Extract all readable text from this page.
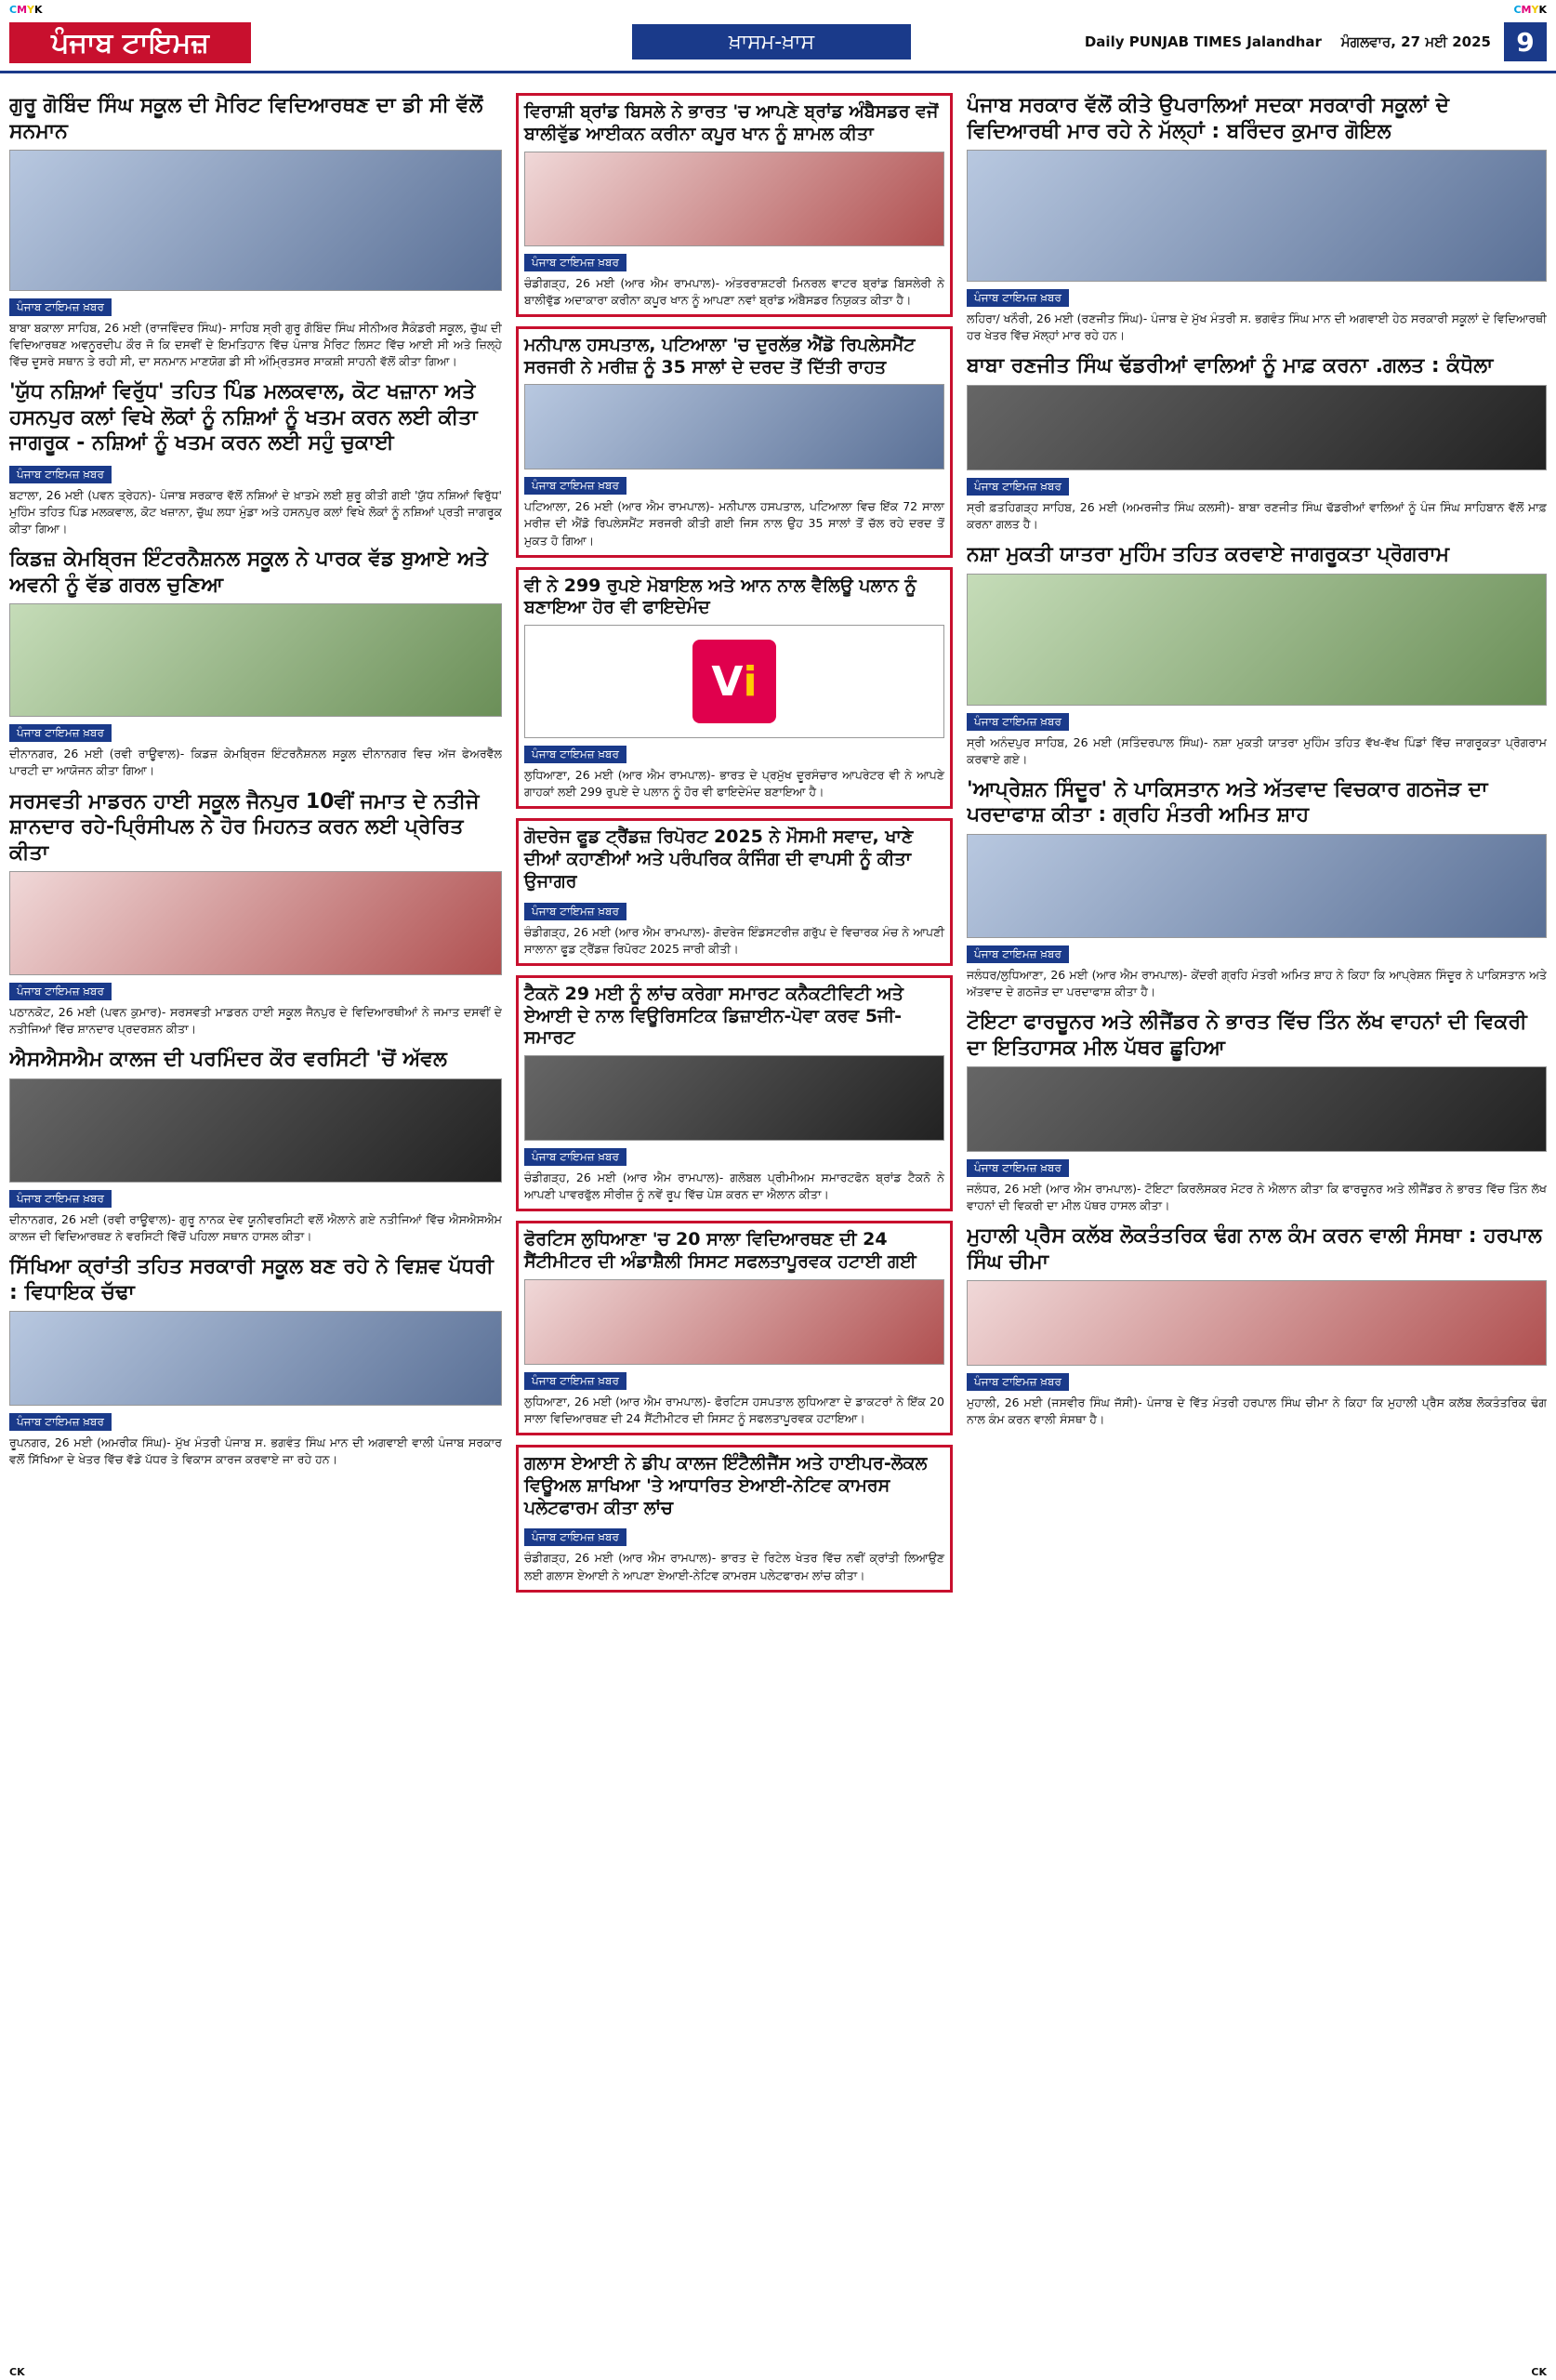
CMYK	CMYK
ਪੰਜਾਬ ਟਾਇਮਜ਼	ਖ਼ਾਸਮ-ਖ਼ਾਸ	Daily PUNJAB TIMES Jalandhar ਮੰਗਲਵਾਰ, 27 ਮਈ 2025 9
ਗੁਰੂ ਗੋਬਿੰਦ ਸਿੰਘ ਸਕੂਲ ਦੀ ਮੈਰਿਟ ਵਿਦਿਆਰਥਣ ਦਾ ਡੀ ਸੀ ਵੱਲੋਂ ਸਨਮਾਨ
ਪੰਜਾਬ ਟਾਇਮਜ਼ ਖ਼ਬਰ
ਬਾਬਾ ਬਕਾਲਾ ਸਾਹਿਬ, 26 ਮਈ (ਰਾਜਵਿੰਦਰ ਸਿੰਘ)- ਸਾਹਿਬ ਸ੍ਰੀ ਗੁਰੂ ਗੋਬਿੰਦ ਸਿੰਘ ਸੀਨੀਅਰ ਸੈਕੰਡਰੀ ਸਕੂਲ, ਚੁੱਘ ਦੀ ਵਿਦਿਆਰਥਣ ਅਵਨੂਰਦੀਪ ਕੌਰ ਜੋ ਕਿ ਦਸਵੀਂ ਦੇ ਇਮਤਿਹਾਨ ਵਿੱਚ ਪੰਜਾਬ ਮੈਰਿਟ ਲਿਸਟ ਵਿੱਚ ਆਈ ਸੀ ਅਤੇ ਜ਼ਿਲ੍ਹੇ ਵਿੱਚ ਦੂਸਰੇ ਸਥਾਨ ਤੇ ਰਹੀ ਸੀ, ਦਾ ਸਨਮਾਨ ਮਾਣਯੋਗ ਡੀ ਸੀ ਅੰਮ੍ਰਿਤਸਰ ਸਾਕਸ਼ੀ ਸਾਹਨੀ ਵੱਲੋਂ ਕੀਤਾ ਗਿਆ।
'ਯੁੱਧ ਨਸ਼ਿਆਂ ਵਿਰੁੱਧ' ਤਹਿਤ ਪਿੰਡ ਮਲਕਵਾਲ, ਕੋਟ ਖਜ਼ਾਨਾ ਅਤੇ ਹਸਨਪੁਰ ਕਲਾਂ ਵਿਖੇ ਲੋਕਾਂ ਨੂੰ ਨਸ਼ਿਆਂ ਨੂੰ ਖਤਮ ਕਰਨ ਲਈ ਕੀਤਾ ਜਾਗਰੂਕ - ਨਸ਼ਿਆਂ ਨੂੰ ਖਤਮ ਕਰਨ ਲਈ ਸਹੁੰ ਚੁਕਾਈ
ਪੰਜਾਬ ਟਾਇਮਜ਼ ਖ਼ਬਰ
ਬਟਾਲਾ, 26 ਮਈ (ਪਵਨ ਤ੍ਰੇਹਨ)- ਪੰਜਾਬ ਸਰਕਾਰ ਵੱਲੋਂ ਨਸ਼ਿਆਂ ਦੇ ਖ਼ਾਤਮੇ ਲਈ ਸ਼ੁਰੂ ਕੀਤੀ ਗਈ 'ਯੁੱਧ ਨਸ਼ਿਆਂ ਵਿਰੁੱਧ' ਮੁਹਿੰਮ ਤਹਿਤ ਪਿੰਡ ਮਲਕਵਾਲ, ਕੋਟ ਖਜ਼ਾਨਾ, ਚੁੱਘ ਲਧਾ ਮੁੰਡਾ ਅਤੇ ਹਸਨਪੁਰ ਕਲਾਂ ਵਿਖੇ ਲੋਕਾਂ ਨੂੰ ਨਸ਼ਿਆਂ ਪ੍ਰਤੀ ਜਾਗਰੂਕ ਕੀਤਾ ਗਿਆ।
ਕਿਡਜ਼ ਕੇਮਬ੍ਰਿਜ ਇੰਟਰਨੈਸ਼ਨਲ ਸਕੂਲ ਨੇ ਪਾਰਕ ਵੱਡ ਬੁਆਏ ਅਤੇ ਅਵਨੀ ਨੂੰ ਵੱਡ ਗਰਲ ਚੁਣਿਆ
ਪੰਜਾਬ ਟਾਇਮਜ਼ ਖ਼ਬਰ
ਦੀਨਾਨਗਰ, 26 ਮਈ (ਰਵੀ ਰਾਊਵਾਲ)- ਕਿਡਜ਼ ਕੇਮਬ੍ਰਿਜ ਇੰਟਰਨੈਸ਼ਨਲ ਸਕੂਲ ਦੀਨਾਨਗਰ ਵਿਚ ਅੱਜ ਫੇਅਰਵੈੱਲ ਪਾਰਟੀ ਦਾ ਆਯੋਜਨ ਕੀਤਾ ਗਿਆ।
ਸਰਸਵਤੀ ਮਾਡਰਨ ਹਾਈ ਸਕੂਲ ਜੈਨਪੁਰ 10ਵੀਂ ਜਮਾਤ ਦੇ ਨਤੀਜੇ ਸ਼ਾਨਦਾਰ ਰਹੇ-ਪ੍ਰਿੰਸੀਪਲ ਨੇ ਹੋਰ ਮਿਹਨਤ ਕਰਨ ਲਈ ਪ੍ਰੇਰਿਤ ਕੀਤਾ
ਪੰਜਾਬ ਟਾਇਮਜ਼ ਖ਼ਬਰ
ਪਠਾਨਕੋਟ, 26 ਮਈ (ਪਵਨ ਕੁਮਾਰ)- ਸਰਸਵਤੀ ਮਾਡਰਨ ਹਾਈ ਸਕੂਲ ਜੈਨਪੁਰ ਦੇ ਵਿਦਿਆਰਥੀਆਂ ਨੇ ਜਮਾਤ ਦਸਵੀਂ ਦੇ ਨਤੀਜਿਆਂ ਵਿੱਚ ਸ਼ਾਨਦਾਰ ਪ੍ਰਦਰਸ਼ਨ ਕੀਤਾ।
ਐਸਐਸਐਮ ਕਾਲਜ ਦੀ ਪਰਮਿੰਦਰ ਕੌਰ ਵਰਸਿਟੀ 'ਚੋਂ ਅੱਵਲ
ਪੰਜਾਬ ਟਾਇਮਜ਼ ਖ਼ਬਰ
ਦੀਨਾਨਗਰ, 26 ਮਈ (ਰਵੀ ਰਾਊਵਾਲ)- ਗੁਰੂ ਨਾਨਕ ਦੇਵ ਯੂਨੀਵਰਸਿਟੀ ਵਲੋਂ ਐਲਾਨੇ ਗਏ ਨਤੀਜਿਆਂ ਵਿੱਚ ਐਸਐਸਐਮ ਕਾਲਜ ਦੀ ਵਿਦਿਆਰਥਣ ਨੇ ਵਰਸਿਟੀ ਵਿੱਚੋਂ ਪਹਿਲਾ ਸਥਾਨ ਹਾਸਲ ਕੀਤਾ।
ਸਿੱਖਿਆ ਕ੍ਰਾਂਤੀ ਤਹਿਤ ਸਰਕਾਰੀ ਸਕੂਲ ਬਣ ਰਹੇ ਨੇ ਵਿਸ਼ਵ ਪੱਧਰੀ : ਵਿਧਾਇਕ ਚੱਢਾ
ਪੰਜਾਬ ਟਾਇਮਜ਼ ਖ਼ਬਰ
ਰੂਪਨਗਰ, 26 ਮਈ (ਅਮਰੀਕ ਸਿੰਘ)- ਮੁੱਖ ਮੰਤਰੀ ਪੰਜਾਬ ਸ. ਭਗਵੰਤ ਸਿੰਘ ਮਾਨ ਦੀ ਅਗਵਾਈ ਵਾਲੀ ਪੰਜਾਬ ਸਰਕਾਰ ਵਲੋਂ ਸਿੱਖਿਆ ਦੇ ਖੇਤਰ ਵਿੱਚ ਵੱਡੇ ਪੱਧਰ ਤੇ ਵਿਕਾਸ ਕਾਰਜ ਕਰਵਾਏ ਜਾ ਰਹੇ ਹਨ।
ਵਿਰਾਸ਼ੀ ਬ੍ਰਾਂਡ ਬਿਸਲੇ ਨੇ ਭਾਰਤ 'ਚ ਆਪਣੇ ਬ੍ਰਾਂਡ ਅੰਬੈਸਡਰ ਵਜੋਂ ਬਾਲੀਵੁੱਡ ਆਈਕਨ ਕਰੀਨਾ ਕਪੂਰ ਖਾਨ ਨੂੰ ਸ਼ਾਮਲ ਕੀਤਾ
ਪੰਜਾਬ ਟਾਇਮਜ਼ ਖ਼ਬਰ
ਚੰਡੀਗੜ੍ਹ, 26 ਮਈ (ਆਰ ਐਮ ਰਾਮਪਾਲ)- ਅੰਤਰਰਾਸ਼ਟਰੀ ਮਿਨਰਲ ਵਾਟਰ ਬ੍ਰਾਂਡ ਬਿਸਲੇਰੀ ਨੇ ਬਾਲੀਵੁੱਡ ਅਦਾਕਾਰਾ ਕਰੀਨਾ ਕਪੂਰ ਖਾਨ ਨੂੰ ਆਪਣਾ ਨਵਾਂ ਬ੍ਰਾਂਡ ਅੰਬੈਸਡਰ ਨਿਯੁਕਤ ਕੀਤਾ ਹੈ।
ਮਨੀਪਾਲ ਹਸਪਤਾਲ, ਪਟਿਆਲਾ 'ਚ ਦੁਰਲੱਭ ਐਂਡੋ ਰਿਪਲੇਸਮੈਂਟ ਸਰਜਰੀ ਨੇ ਮਰੀਜ਼ ਨੂੰ 35 ਸਾਲਾਂ ਦੇ ਦਰਦ ਤੋਂ ਦਿੱਤੀ ਰਾਹਤ
ਪੰਜਾਬ ਟਾਇਮਜ਼ ਖ਼ਬਰ
ਪਟਿਆਲਾ, 26 ਮਈ (ਆਰ ਐਮ ਰਾਮਪਾਲ)- ਮਨੀਪਾਲ ਹਸਪਤਾਲ, ਪਟਿਆਲਾ ਵਿਚ ਇੱਕ 72 ਸਾਲਾ ਮਰੀਜ਼ ਦੀ ਐਂਡੋ ਰਿਪਲੇਸਮੈਂਟ ਸਰਜਰੀ ਕੀਤੀ ਗਈ ਜਿਸ ਨਾਲ ਉਹ 35 ਸਾਲਾਂ ਤੋਂ ਚੱਲ ਰਹੇ ਦਰਦ ਤੋਂ ਮੁਕਤ ਹੋ ਗਿਆ।
ਵੀ ਨੇ 299 ਰੁਪਏ ਮੋਬਾਇਲ ਅਤੇ ਆਨ ਨਾਲ ਵੈਲਿਊ ਪਲਾਨ ਨੂੰ ਬਣਾਇਆ ਹੋਰ ਵੀ ਫਾਇਦੇਮੰਦ
V i
ਪੰਜਾਬ ਟਾਇਮਜ਼ ਖ਼ਬਰ
ਲੁਧਿਆਣਾ, 26 ਮਈ (ਆਰ ਐਮ ਰਾਮਪਾਲ)- ਭਾਰਤ ਦੇ ਪ੍ਰਮੁੱਖ ਦੂਰਸੰਚਾਰ ਆਪਰੇਟਰ ਵੀ ਨੇ ਆਪਣੇ ਗਾਹਕਾਂ ਲਈ 299 ਰੁਪਏ ਦੇ ਪਲਾਨ ਨੂੰ ਹੋਰ ਵੀ ਫਾਇਦੇਮੰਦ ਬਣਾਇਆ ਹੈ।
ਗੋਦਰੇਜ ਫੂਡ ਟ੍ਰੈਂਡਜ਼ ਰਿਪੋਰਟ 2025 ਨੇ ਮੌਸਮੀ ਸਵਾਦ, ਖਾਣੇ ਦੀਆਂ ਕਹਾਣੀਆਂ ਅਤੇ ਪਰੰਪਰਿਕ ਕੰਜਿੰਗ ਦੀ ਵਾਪਸੀ ਨੂੰ ਕੀਤਾ ਉਜਾਗਰ
ਪੰਜਾਬ ਟਾਇਮਜ਼ ਖ਼ਬਰ
ਚੰਡੀਗੜ੍ਹ, 26 ਮਈ (ਆਰ ਐਮ ਰਾਮਪਾਲ)- ਗੋਦਰੇਜ ਇੰਡਸਟਰੀਜ਼ ਗਰੁੱਪ ਦੇ ਵਿਚਾਰਕ ਮੰਚ ਨੇ ਆਪਣੀ ਸਾਲਾਨਾ ਫੂਡ ਟ੍ਰੈਂਡਜ਼ ਰਿਪੋਰਟ 2025 ਜਾਰੀ ਕੀਤੀ।
ਟੈਕਨੋ 29 ਮਈ ਨੂੰ ਲਾਂਚ ਕਰੇਗਾ ਸਮਾਰਟ ਕਨੈਕਟੀਵਿਟੀ ਅਤੇ ਏਆਈ ਦੇ ਨਾਲ ਵਿਊਰਿਸਟਿਕ ਡਿਜ਼ਾਈਨ-ਪੋਵਾ ਕਰਵ 5ਜੀ-ਸਮਾਰਟ
ਪੰਜਾਬ ਟਾਇਮਜ਼ ਖ਼ਬਰ
ਚੰਡੀਗੜ੍ਹ, 26 ਮਈ (ਆਰ ਐਮ ਰਾਮਪਾਲ)- ਗਲੋਬਲ ਪ੍ਰੀਮੀਅਮ ਸਮਾਰਟਫੋਨ ਬ੍ਰਾਂਡ ਟੈਕਨੋ ਨੇ ਆਪਣੀ ਪਾਵਰਫੁੱਲ ਸੀਰੀਜ਼ ਨੂੰ ਨਵੇਂ ਰੂਪ ਵਿੱਚ ਪੇਸ਼ ਕਰਨ ਦਾ ਐਲਾਨ ਕੀਤਾ।
ਫੋਰਟਿਸ ਲੁਧਿਆਣਾ 'ਚ 20 ਸਾਲਾ ਵਿਦਿਆਰਥਣ ਦੀ 24 ਸੈਂਟੀਮੀਟਰ ਦੀ ਅੰਡਾਸ਼ੈਲੀ ਸਿਸਟ ਸਫਲਤਾਪੂਰਵਕ ਹਟਾਈ ਗਈ
ਪੰਜਾਬ ਟਾਇਮਜ਼ ਖ਼ਬਰ
ਲੁਧਿਆਣਾ, 26 ਮਈ (ਆਰ ਐਮ ਰਾਮਪਾਲ)- ਫੋਰਟਿਸ ਹਸਪਤਾਲ ਲੁਧਿਆਣਾ ਦੇ ਡਾਕਟਰਾਂ ਨੇ ਇੱਕ 20 ਸਾਲਾ ਵਿਦਿਆਰਥਣ ਦੀ 24 ਸੈਂਟੀਮੀਟਰ ਦੀ ਸਿਸਟ ਨੂੰ ਸਫਲਤਾਪੂਰਵਕ ਹਟਾਇਆ।
ਗਲਾਸ ਏਆਈ ਨੇ ਡੀਪ ਕਾਲਜ ਇੰਟੈਲੀਜੈਂਸ ਅਤੇ ਹਾਈਪਰ-ਲੋਕਲ ਵਿਊਅਲ ਸ਼ਾਖਿਆ 'ਤੇ ਆਧਾਰਿਤ ਏਆਈ-ਨੇਟਿਵ ਕਾਮਰਸ ਪਲੇਟਫਾਰਮ ਕੀਤਾ ਲਾਂਚ
ਪੰਜਾਬ ਟਾਇਮਜ਼ ਖ਼ਬਰ
ਚੰਡੀਗੜ੍ਹ, 26 ਮਈ (ਆਰ ਐਮ ਰਾਮਪਾਲ)- ਭਾਰਤ ਦੇ ਰਿਟੇਲ ਖੇਤਰ ਵਿੱਚ ਨਵੀਂ ਕ੍ਰਾਂਤੀ ਲਿਆਉਣ ਲਈ ਗਲਾਸ ਏਆਈ ਨੇ ਆਪਣਾ ਏਆਈ-ਨੇਟਿਵ ਕਾਮਰਸ ਪਲੇਟਫਾਰਮ ਲਾਂਚ ਕੀਤਾ।
ਪੰਜਾਬ ਸਰਕਾਰ ਵੱਲੋਂ ਕੀਤੇ ਉਪਰਾਲਿਆਂ ਸਦਕਾ ਸਰਕਾਰੀ ਸਕੂਲਾਂ ਦੇ ਵਿਦਿਆਰਥੀ ਮਾਰ ਰਹੇ ਨੇ ਮੱਲ੍ਹਾਂ : ਬਰਿੰਦਰ ਕੁਮਾਰ ਗੋਇਲ
ਪੰਜਾਬ ਟਾਇਮਜ਼ ਖ਼ਬਰ
ਲਹਿਰਾ/ ਖਨੌਰੀ, 26 ਮਈ (ਰਣਜੀਤ ਸਿੰਘ)- ਪੰਜਾਬ ਦੇ ਮੁੱਖ ਮੰਤਰੀ ਸ. ਭਗਵੰਤ ਸਿੰਘ ਮਾਨ ਦੀ ਅਗਵਾਈ ਹੇਠ ਸਰਕਾਰੀ ਸਕੂਲਾਂ ਦੇ ਵਿਦਿਆਰਥੀ ਹਰ ਖੇਤਰ ਵਿੱਚ ਮੱਲ੍ਹਾਂ ਮਾਰ ਰਹੇ ਹਨ।
ਬਾਬਾ ਰਣਜੀਤ ਸਿੰਘ ਢੱਡਰੀਆਂ ਵਾਲਿਆਂ ਨੂੰ ਮਾਫ਼ ਕਰਨਾ .ਗਲਤ : ਕੰਧੋਲਾ
ਪੰਜਾਬ ਟਾਇਮਜ਼ ਖ਼ਬਰ
ਸ੍ਰੀ ਫ਼ਤਹਿਗੜ੍ਹ ਸਾਹਿਬ, 26 ਮਈ (ਅਮਰਜੀਤ ਸਿੰਘ ਕਲਸੀ)- ਬਾਬਾ ਰਣਜੀਤ ਸਿੰਘ ਢੱਡਰੀਆਂ ਵਾਲਿਆਂ ਨੂੰ ਪੰਜ ਸਿੰਘ ਸਾਹਿਬਾਨ ਵੱਲੋਂ ਮਾਫ਼ ਕਰਨਾ ਗਲਤ ਹੈ।
ਨਸ਼ਾ ਮੁਕਤੀ ਯਾਤਰਾ ਮੁਹਿੰਮ ਤਹਿਤ ਕਰਵਾਏ ਜਾਗਰੂਕਤਾ ਪ੍ਰੋਗਰਾਮ
ਪੰਜਾਬ ਟਾਇਮਜ਼ ਖ਼ਬਰ
ਸ੍ਰੀ ਅਨੰਦਪੁਰ ਸਾਹਿਬ, 26 ਮਈ (ਸਤਿੰਦਰਪਾਲ ਸਿੰਘ)- ਨਸ਼ਾ ਮੁਕਤੀ ਯਾਤਰਾ ਮੁਹਿੰਮ ਤਹਿਤ ਵੱਖ-ਵੱਖ ਪਿੰਡਾਂ ਵਿੱਚ ਜਾਗਰੂਕਤਾ ਪ੍ਰੋਗਰਾਮ ਕਰਵਾਏ ਗਏ।
'ਆਪ੍ਰੇਸ਼ਨ ਸਿੰਦੂਰ' ਨੇ ਪਾਕਿਸਤਾਨ ਅਤੇ ਅੱਤਵਾਦ ਵਿਚਕਾਰ ਗਠਜੋੜ ਦਾ ਪਰਦਾਫਾਸ਼ ਕੀਤਾ : ਗ੍ਰਹਿ ਮੰਤਰੀ ਅਮਿਤ ਸ਼ਾਹ
ਪੰਜਾਬ ਟਾਇਮਜ਼ ਖ਼ਬਰ
ਜਲੰਧਰ/ਲੁਧਿਆਣਾ, 26 ਮਈ (ਆਰ ਐਮ ਰਾਮਪਾਲ)- ਕੇਂਦਰੀ ਗ੍ਰਹਿ ਮੰਤਰੀ ਅਮਿਤ ਸ਼ਾਹ ਨੇ ਕਿਹਾ ਕਿ ਆਪ੍ਰੇਸ਼ਨ ਸਿੰਦੂਰ ਨੇ ਪਾਕਿਸਤਾਨ ਅਤੇ ਅੱਤਵਾਦ ਦੇ ਗਠਜੋੜ ਦਾ ਪਰਦਾਫਾਸ਼ ਕੀਤਾ ਹੈ।
ਟੋਇਟਾ ਫਾਰਚੂਨਰ ਅਤੇ ਲੀਜੈਂਡਰ ਨੇ ਭਾਰਤ ਵਿੱਚ ਤਿੰਨ ਲੱਖ ਵਾਹਨਾਂ ਦੀ ਵਿਕਰੀ ਦਾ ਇਤਿਹਾਸਕ ਮੀਲ ਪੱਥਰ ਛੂਹਿਆ
ਪੰਜਾਬ ਟਾਇਮਜ਼ ਖ਼ਬਰ
ਜਲੰਧਰ, 26 ਮਈ (ਆਰ ਐਮ ਰਾਮਪਾਲ)- ਟੋਇਟਾ ਕਿਰਲੋਸਕਰ ਮੋਟਰ ਨੇ ਐਲਾਨ ਕੀਤਾ ਕਿ ਫਾਰਚੂਨਰ ਅਤੇ ਲੀਜੈਂਡਰ ਨੇ ਭਾਰਤ ਵਿੱਚ ਤਿੰਨ ਲੱਖ ਵਾਹਨਾਂ ਦੀ ਵਿਕਰੀ ਦਾ ਮੀਲ ਪੱਥਰ ਹਾਸਲ ਕੀਤਾ।
ਮੁਹਾਲੀ ਪ੍ਰੈਸ ਕਲੱਬ ਲੋਕਤੰਤਰਿਕ ਢੰਗ ਨਾਲ ਕੰਮ ਕਰਨ ਵਾਲੀ ਸੰਸਥਾ : ਹਰਪਾਲ ਸਿੰਘ ਚੀਮਾ
ਪੰਜਾਬ ਟਾਇਮਜ਼ ਖ਼ਬਰ
ਮੁਹਾਲੀ, 26 ਮਈ (ਜਸਵੀਰ ਸਿੰਘ ਜੱਸੀ)- ਪੰਜਾਬ ਦੇ ਵਿੱਤ ਮੰਤਰੀ ਹਰਪਾਲ ਸਿੰਘ ਚੀਮਾ ਨੇ ਕਿਹਾ ਕਿ ਮੁਹਾਲੀ ਪ੍ਰੈਸ ਕਲੱਬ ਲੋਕਤੰਤਰਿਕ ਢੰਗ ਨਾਲ ਕੰਮ ਕਰਨ ਵਾਲੀ ਸੰਸਥਾ ਹੈ।
CK	CK
